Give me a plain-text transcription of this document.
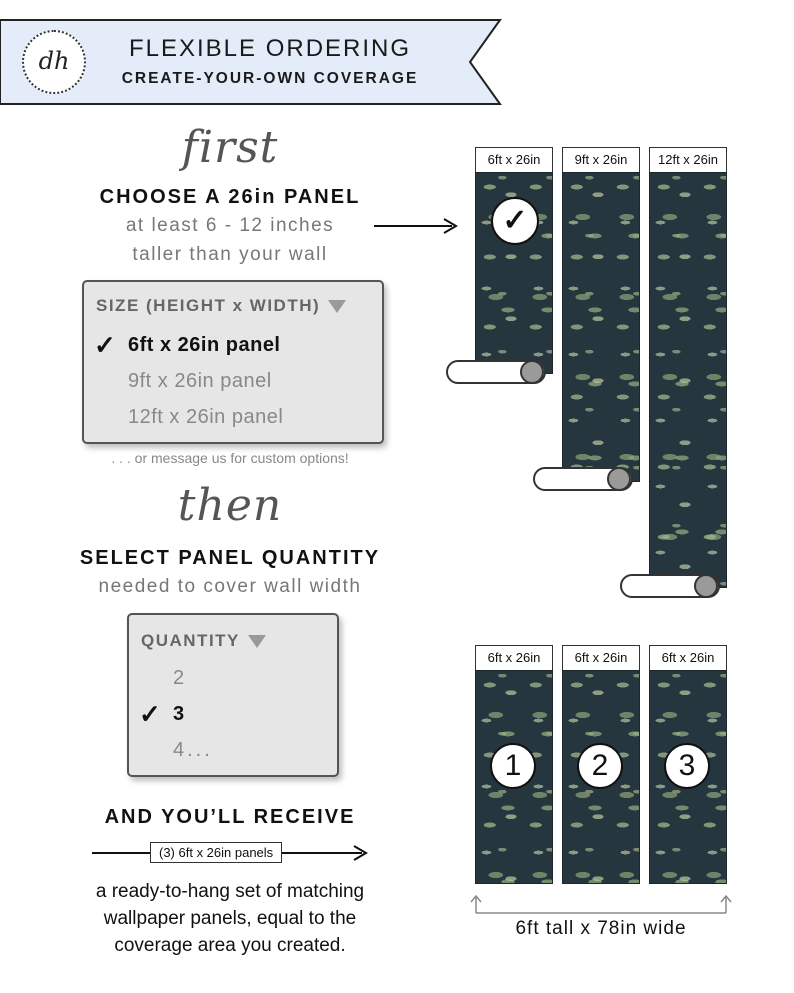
dh	FLEXIBLE ORDERING
CREATE-YOUR-OWN COVERAGE
first
CHOOSE A 26in PANEL
at least 6 - 12 inches
taller than your wall
SIZE (HEIGHT x WIDTH)
✓ 6ft x 26in panel
9ft x 26in panel
12ft x 26in panel
. . . or message us for custom options!
then
SELECT PANEL QUANTITY
needed to cover wall width
QUANTITY
2
✓ 3
4...
AND YOU’LL RECEIVE
(3) 6ft x 26in panels
a ready-to-hang set of matching
wallpaper panels, equal to the
coverage area you created.
6ft x 26in
✓
9ft x 26in	12ft x 26in
6ft x 26in
1
6ft x 26in
2
6ft x 26in
3
6ft tall x 78in wide
